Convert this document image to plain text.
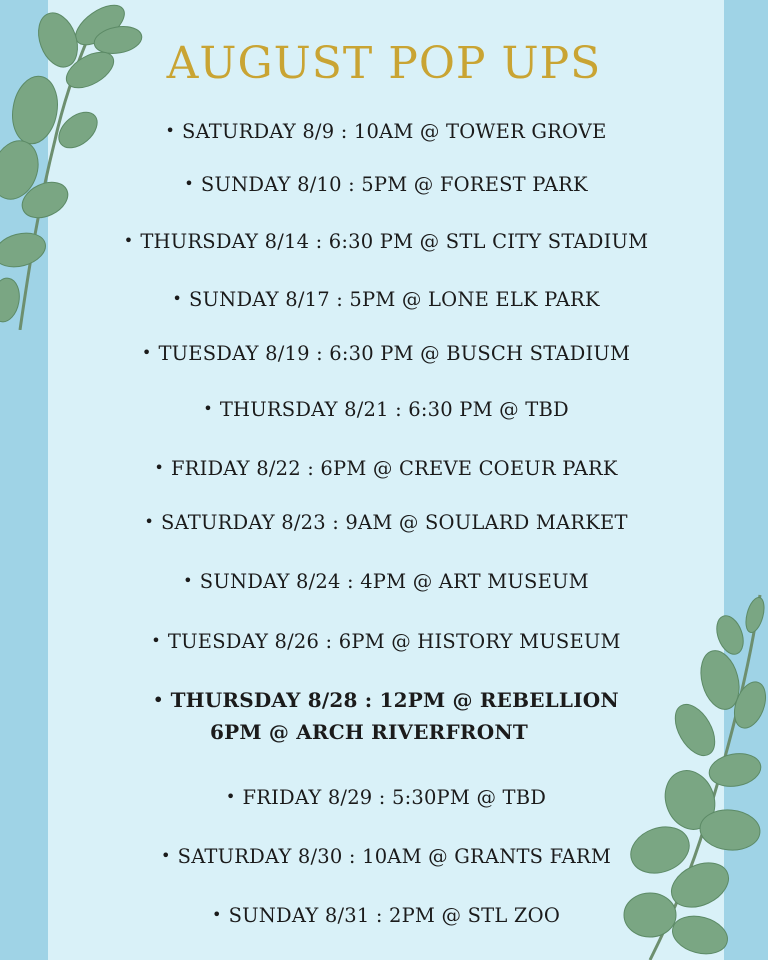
AUGUST POP UPS
• SATURDAY 8/9 : 10AM @ TOWER GROVE
• SUNDAY 8/10 : 5PM @ FOREST PARK
• THURSDAY 8/14 : 6:30 PM @ STL CITY STADIUM
• SUNDAY 8/17 : 5PM @ LONE ELK PARK
• TUESDAY 8/19 : 6:30 PM @ BUSCH STADIUM
• THURSDAY 8/21 : 6:30 PM @ TBD
• FRIDAY 8/22 : 6PM @ CREVE COEUR PARK
• SATURDAY 8/23 : 9AM @ SOULARD MARKET
• SUNDAY 8/24 : 4PM @ ART MUSEUM
• TUESDAY 8/26 : 6PM @ HISTORY MUSEUM
• THURSDAY 8/28 : 12PM @ REBELLION
6PM @ ARCH RIVERFRONT
• FRIDAY 8/29 : 5:30PM @ TBD
• SATURDAY 8/30 : 10AM @ GRANTS FARM
• SUNDAY 8/31 : 2PM @ STL ZOO
